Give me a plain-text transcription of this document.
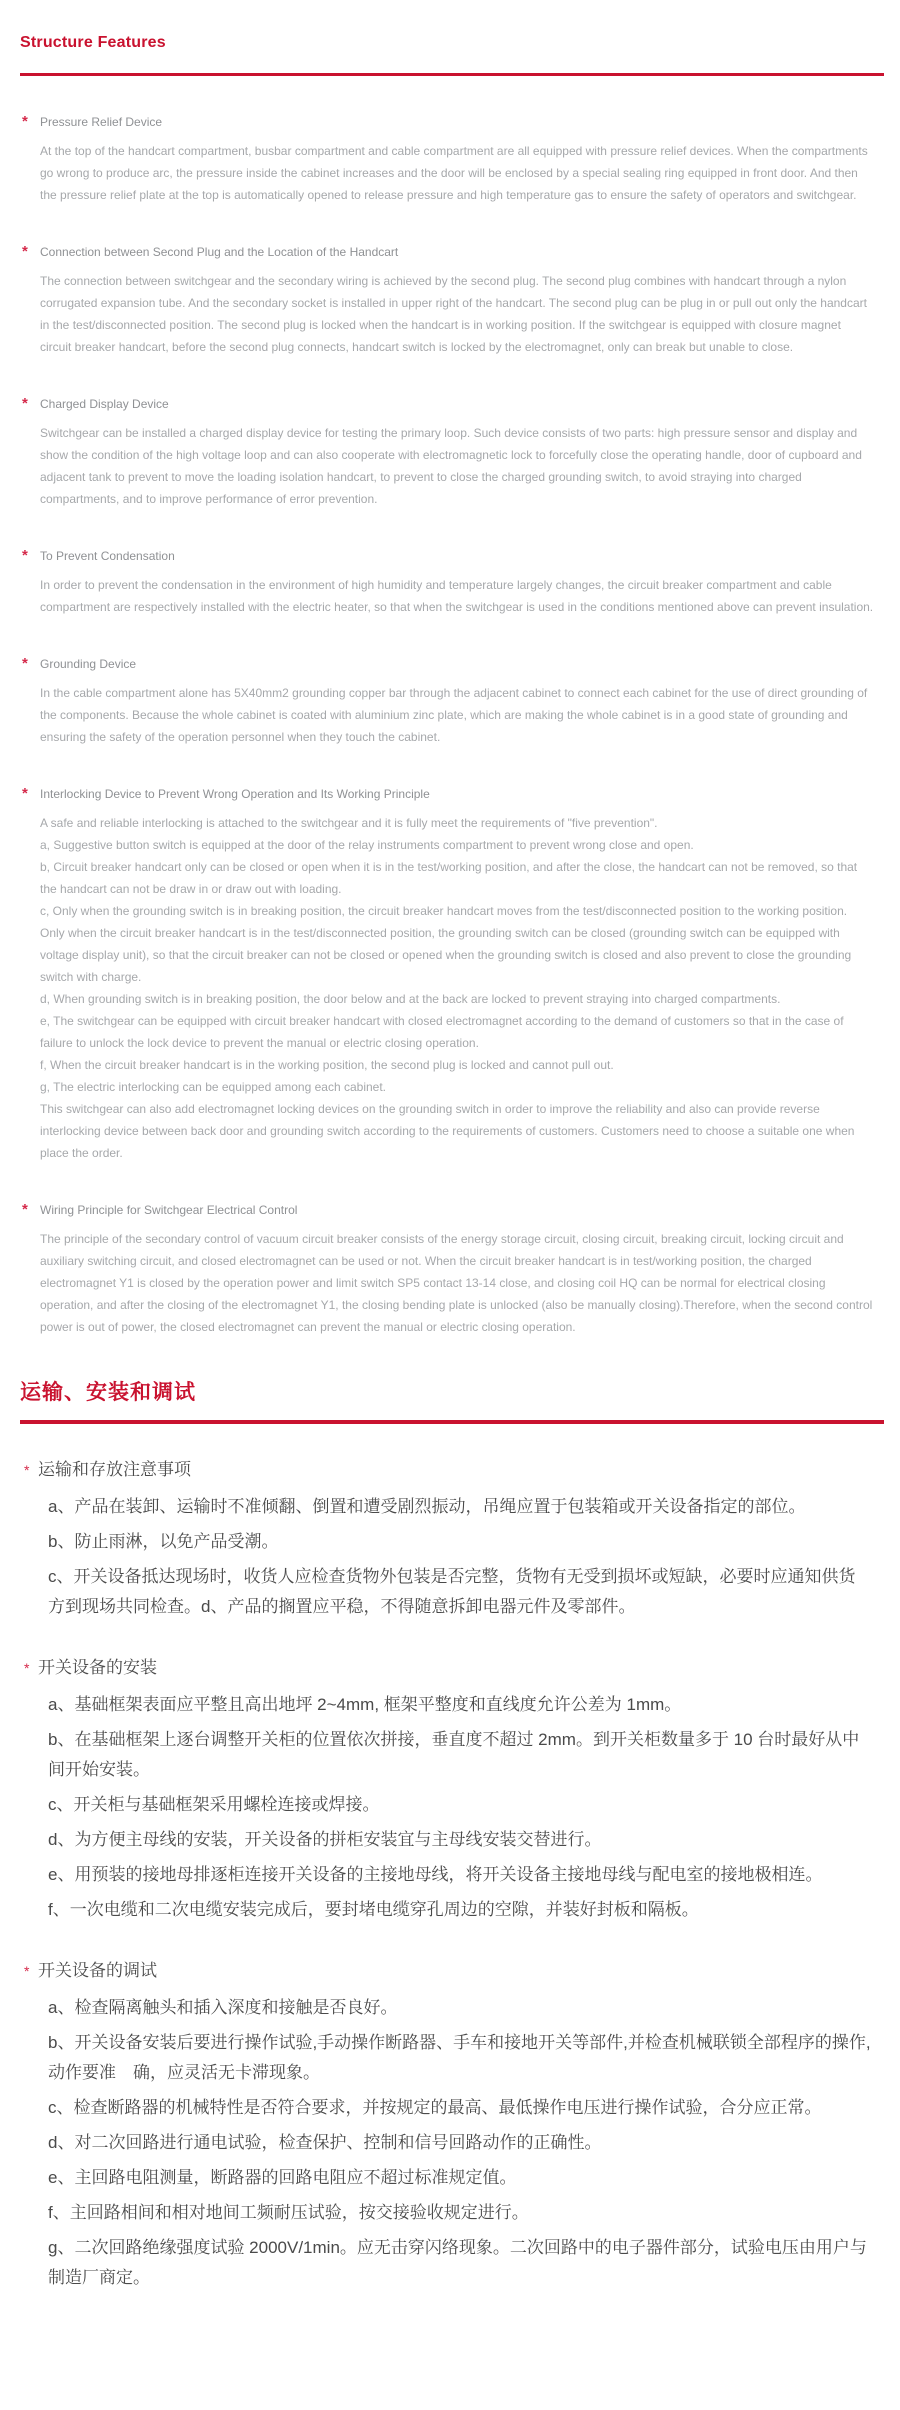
Structure Features
*	Pressure Relief Device

At the top of the handcart compartment, busbar compartment and cable compartment are all equipped with pressure relief devices. When the compartments go wrong to produce arc, the pressure inside the cabinet increases and the door will be enclosed by a special sealing ring equipped in front door. And then the pressure relief plate at the top is automatically opened to release pressure and high temperature gas to ensure the safety of operators and switchgear.

*	Connection between Second Plug and the Location of the Handcart

The connection between switchgear and the secondary wiring is achieved by the second plug. The second plug combines with handcart through a nylon corrugated expansion tube. And the secondary socket is installed in upper right of the handcart. The second plug can be plug in or pull out only the handcart in the test/disconnected position. The second plug is locked when the handcart is in working position. If the switchgear is equipped with closure magnet circuit breaker handcart, before the second plug connects, handcart switch is locked by the electromagnet, only can break but unable to close.

*	Charged Display Device

Switchgear can be installed a charged display device for testing the primary loop. Such device consists of two parts: high pressure sensor and display and show the condition of the high voltage loop and can also cooperate with electromagnetic lock to forcefully close the operating handle, door of cupboard and adjacent tank to prevent to move the loading isolation handcart, to prevent to close the charged grounding switch, to avoid straying into charged compartments, and to improve performance of error prevention.

*	To Prevent Condensation

In order to prevent the condensation in the environment of high humidity and temperature largely changes, the circuit breaker compartment and cable compartment are respectively installed with the electric heater, so that when the switchgear is used in the conditions mentioned above can prevent insulation.

*	Grounding Device

In the cable compartment alone has 5X40mm2 grounding copper bar through the adjacent cabinet to connect each cabinet for the use of direct grounding of the components. Because the whole cabinet is coated with aluminium zinc plate, which are making the whole cabinet is in a good state of grounding and ensuring the safety of the operation personnel when they touch the cabinet.

*	Interlocking Device to Prevent Wrong Operation and Its Working Principle

A safe and reliable interlocking is attached to the switchgear and it is fully meet the requirements of "five prevention".

a, Suggestive button switch is equipped at the door of the relay instruments compartment to prevent wrong close and open.

b, Circuit breaker handcart only can be closed or open when it is in the test/working position, and after the close, the handcart can not be removed, so that the handcart can not be draw in or draw out with loading.

c, Only when the grounding switch is in breaking position, the circuit breaker handcart moves from the test/disconnected position to the working position. Only when the circuit breaker handcart is in the test/disconnected position, the grounding switch can be closed (grounding switch can be equipped with voltage display unit), so that the circuit breaker can not be closed or opened when the grounding switch is closed and also prevent to close the grounding switch with charge.

d, When grounding switch is in breaking position, the door below and at the back are locked to prevent straying into charged compartments.

e, The switchgear can be equipped with circuit breaker handcart with closed electromagnet according to the demand of customers so that in the case of failure to unlock the lock device to prevent the manual or electric closing operation.

f, When the circuit breaker handcart is in the working position, the second plug is locked and cannot pull out.

g, The electric interlocking can be equipped among each cabinet.

This switchgear can also add electromagnet locking devices on the grounding switch in order to improve the reliability and also can provide reverse interlocking device between back door and grounding switch according to the requirements of customers. Customers need to choose a suitable one when place the order.

*	Wiring Principle for Switchgear Electrical Control

The principle of the secondary control of vacuum circuit breaker consists of the energy storage circuit, closing circuit, breaking circuit, locking circuit and auxiliary switching circuit, and closed electromagnet can be used or not. When the circuit breaker handcart is in test/working position, the charged electromagnet Y1 is closed by the operation power and limit switch SP5 contact 13-14 close, and closing coil HQ can be normal for electrical closing operation, and after the closing of the electromagnet Y1, the closing bending plate is unlocked (also be manually closing).Therefore, when the second control power is out of power, the closed electromagnet can prevent the manual or electric closing operation.

运输、安装和调试
* 运输和存放注意事项

a、产品在装卸、运输时不准倾翻、倒置和遭受剧烈振动，吊绳应置于包装箱或开关设备指定的部位。

b、防止雨淋，以免产品受潮。

c、开关设备抵达现场时，收货人应检查货物外包装是否完整，货物有无受到损坏或短缺，必要时应通知供货方到现场共同检查。d、产品的搁置应平稳，不得随意拆卸电器元件及零部件。

* 开关设备的安装

a、基础框架表面应平整且高出地坪 2~4mm, 框架平整度和直线度允许公差为 1mm。

b、在基础框架上逐台调整开关柜的位置依次拼接，垂直度不超过 2mm。到开关柜数量多于 10 台时最好从中间开始安装。

c、开关柜与基础框架采用螺栓连接或焊接。

d、为方便主母线的安装，开关设备的拼柜安装宜与主母线安装交替进行。

e、用预装的接地母排逐柜连接开关设备的主接地母线，将开关设备主接地母线与配电室的接地极相连。

f、一次电缆和二次电缆安装完成后，要封堵电缆穿孔周边的空隙，并装好封板和隔板。

* 开关设备的调试

a、检查隔离触头和插入深度和接触是否良好。

b、开关设备安装后要进行操作试验,手动操作断路器、手车和接地开关等部件,并检查机械联锁全部程序的操作,动作要准　确，应灵活无卡滞现象。

c、检查断路器的机械特性是否符合要求，并按规定的最高、最低操作电压进行操作试验，合分应正常。

d、对二次回路进行通电试验，检查保护、控制和信号回路动作的正确性。

e、主回路电阻测量，断路器的回路电阻应不超过标准规定值。

f、主回路相间和相对地间工频耐压试验，按交接验收规定进行。

g、二次回路绝缘强度试验 2000V/1min。应无击穿闪络现象。二次回路中的电子器件部分，试验电压由用户与制造厂商定。
